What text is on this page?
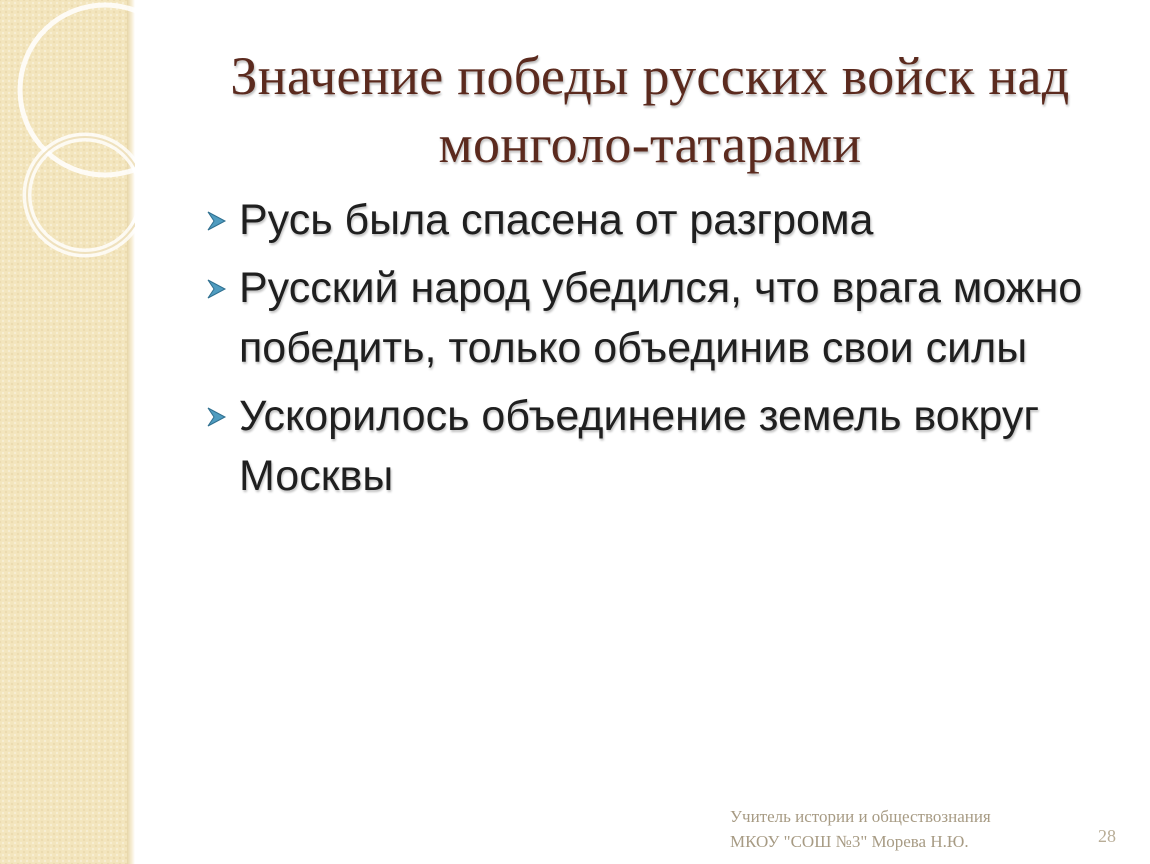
Значение победы русских войск над монголо-татарами
Русь была спасена от разгрома
Русский народ убедился, что врага можно победить, только объединив свои силы
Ускорилось объединение земель вокруг Москвы
Учитель истории и обществознания
МКОУ "СОШ №3" Морева Н.Ю.	28
